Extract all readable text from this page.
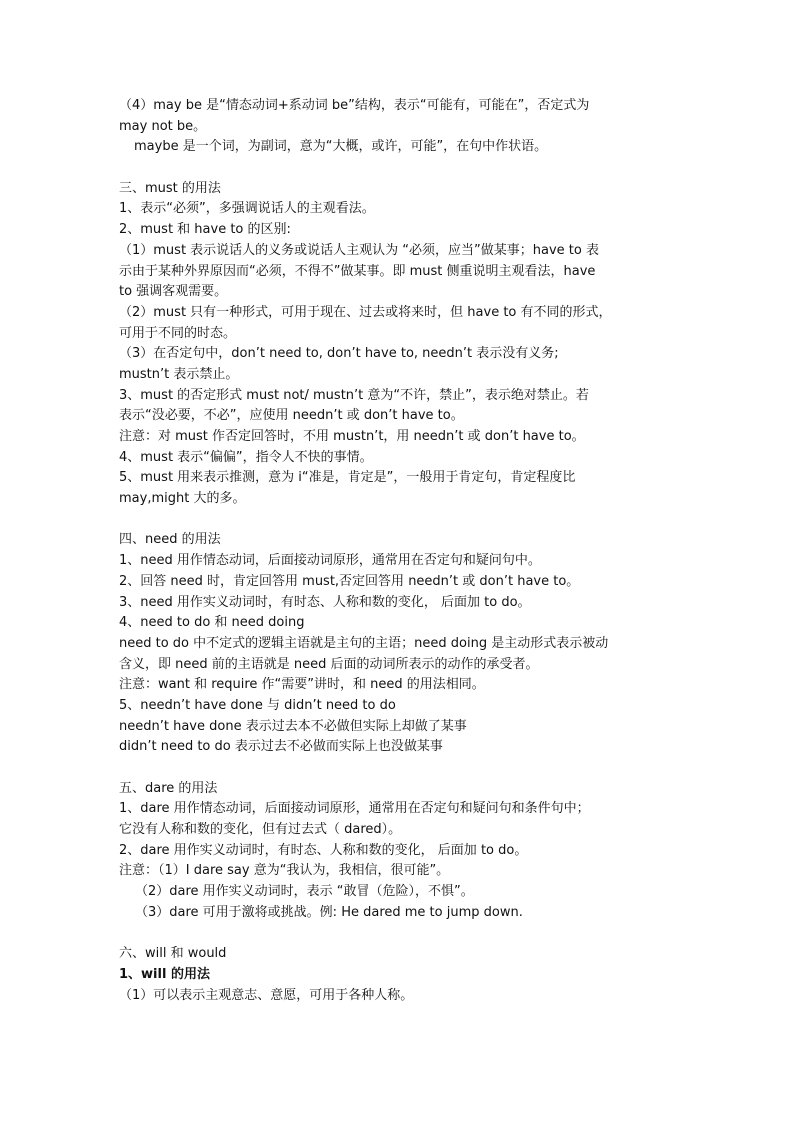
（4）may be 是“情态动词+系动词 be”结构，表示“可能有，可能在”，否定式为
may not be。
maybe 是一个词，为副词，意为“大概，或许，可能”，在句中作状语。
三、must 的用法
1、表示“必须”，多强调说话人的主观看法。
2、must 和 have to 的区别:
（1）must 表示说话人的义务或说话人主观认为 “必须，应当”做某事；have to 表
示由于某种外界原因而“必须，不得不”做某事。即 must 侧重说明主观看法，have
to 强调客观需要。
（2）must 只有一种形式，可用于现在、过去或将来时，但 have to 有不同的形式，
可用于不同的时态。
（3）在否定句中，don’t need to, don’t have to, needn’t 表示没有义务;
mustn’t 表示禁止。
3、must 的否定形式 must not/ mustn’t 意为“不许，禁止”，表示绝对禁止。若
表示“没必要，不必”，应使用 needn’t 或 don’t have to。
注意：对 must 作否定回答时，不用 mustn’t，用 needn’t 或 don’t have to。
4、must 表示“偏偏”，指令人不快的事情。
5、must 用来表示推测，意为 i“准是，肯定是”，一般用于肯定句，肯定程度比
may,might 大的多。
四、need 的用法
1、need 用作情态动词，后面接动词原形，通常用在否定句和疑问句中。
2、回答 need 时，肯定回答用 must,否定回答用 needn’t 或 don’t have to。
3、need 用作实义动词时，有时态、人称和数的变化， 后面加 to do。
4、need to do 和 need doing
need to do 中不定式的逻辑主语就是主句的主语；need doing 是主动形式表示被动
含义，即 need 前的主语就是 need 后面的动词所表示的动作的承受者。
注意：want 和 require 作“需要”讲时，和 need 的用法相同。
5、needn’t have done 与 didn’t need to do
needn’t have done 表示过去本不必做但实际上却做了某事
didn’t need to do 表示过去不必做而实际上也没做某事
五、dare 的用法
1、dare 用作情态动词，后面接动词原形，通常用在否定句和疑问句和条件句中；
它没有人称和数的变化，但有过去式（ dared）。
2、dare 用作实义动词时，有时态、人称和数的变化， 后面加 to do。
注意：（1）I dare say 意为“我认为，我相信，很可能”。
（2）dare 用作实义动词时，表示 “敢冒（危险），不惧”。
（3）dare 可用于激将或挑战。例: He dared me to jump down.
六、will 和 would
1、will 的用法
（1）可以表示主观意志、意愿，可用于各种人称。
